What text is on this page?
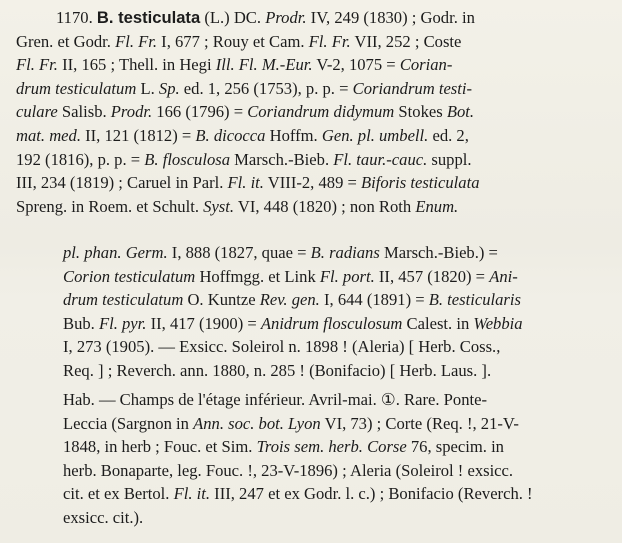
1170. B. testiculata (L.) DC. Prodr. IV, 249 (1830) ; Godr. in
Gren. et Godr. Fl. Fr. I, 677 ; Rouy et Cam. Fl. Fr. VII, 252 ; Coste
Fl. Fr. II, 165 ; Thell. in Hegi Ill. Fl. M.-Eur. V-2, 1075 = Corian-
drum testiculatum L. Sp. ed. 1, 256 (1753), p. p. = Coriandrum testi-
culare Salisb. Prodr. 166 (1796) = Coriandrum didymum Stokes Bot.
mat. med. II, 121 (1812) = B. dicocca Hoffm. Gen. pl. umbell. ed. 2,
192 (1816), p. p. = B. flosculosa Marsch.-Bieb. Fl. taur.-cauc. suppl.
III, 234 (1819) ; Caruel in Parl. Fl. it. VIII-2, 489 = Biforis testiculata
Spreng. in Roem. et Schult. Syst. VI, 448 (1820) ; non Roth Enum.
pl. phan. Germ. I, 888 (1827, quae = B. radians Marsch.-Bieb.) =
Corion testiculatum Hoffmgg. et Link Fl. port. II, 457 (1820) = Ani-
drum testiculatum O. Kuntze Rev. gen. I, 644 (1891) = B. testicularis
Bub. Fl. pyr. II, 417 (1900) = Anidrum flosculosum Calest. in Webbia
I, 273 (1905). — Exsicc. Soleirol n. 1898 ! (Aleria) [ Herb. Coss.,
Req. ] ; Reverch. ann. 1880, n. 285 ! (Bonifacio) [ Herb. Laus. ].
Hab. — Champs de l'étage inférieur. Avril-mai. ①. Rare. Ponte-
Leccia (Sargnon in Ann. soc. bot. Lyon VI, 73) ; Corte (Req. !, 21-V-
1848, in herb ; Fouc. et Sim. Trois sem. herb. Corse 76, specim. in
herb. Bonaparte, leg. Fouc. !, 23-V-1896) ; Aleria (Soleirol ! exsicc.
cit. et ex Bertol. Fl. it. III, 247 et ex Godr. l. c.) ; Bonifacio (Reverch. !
exsicc. cit.).
